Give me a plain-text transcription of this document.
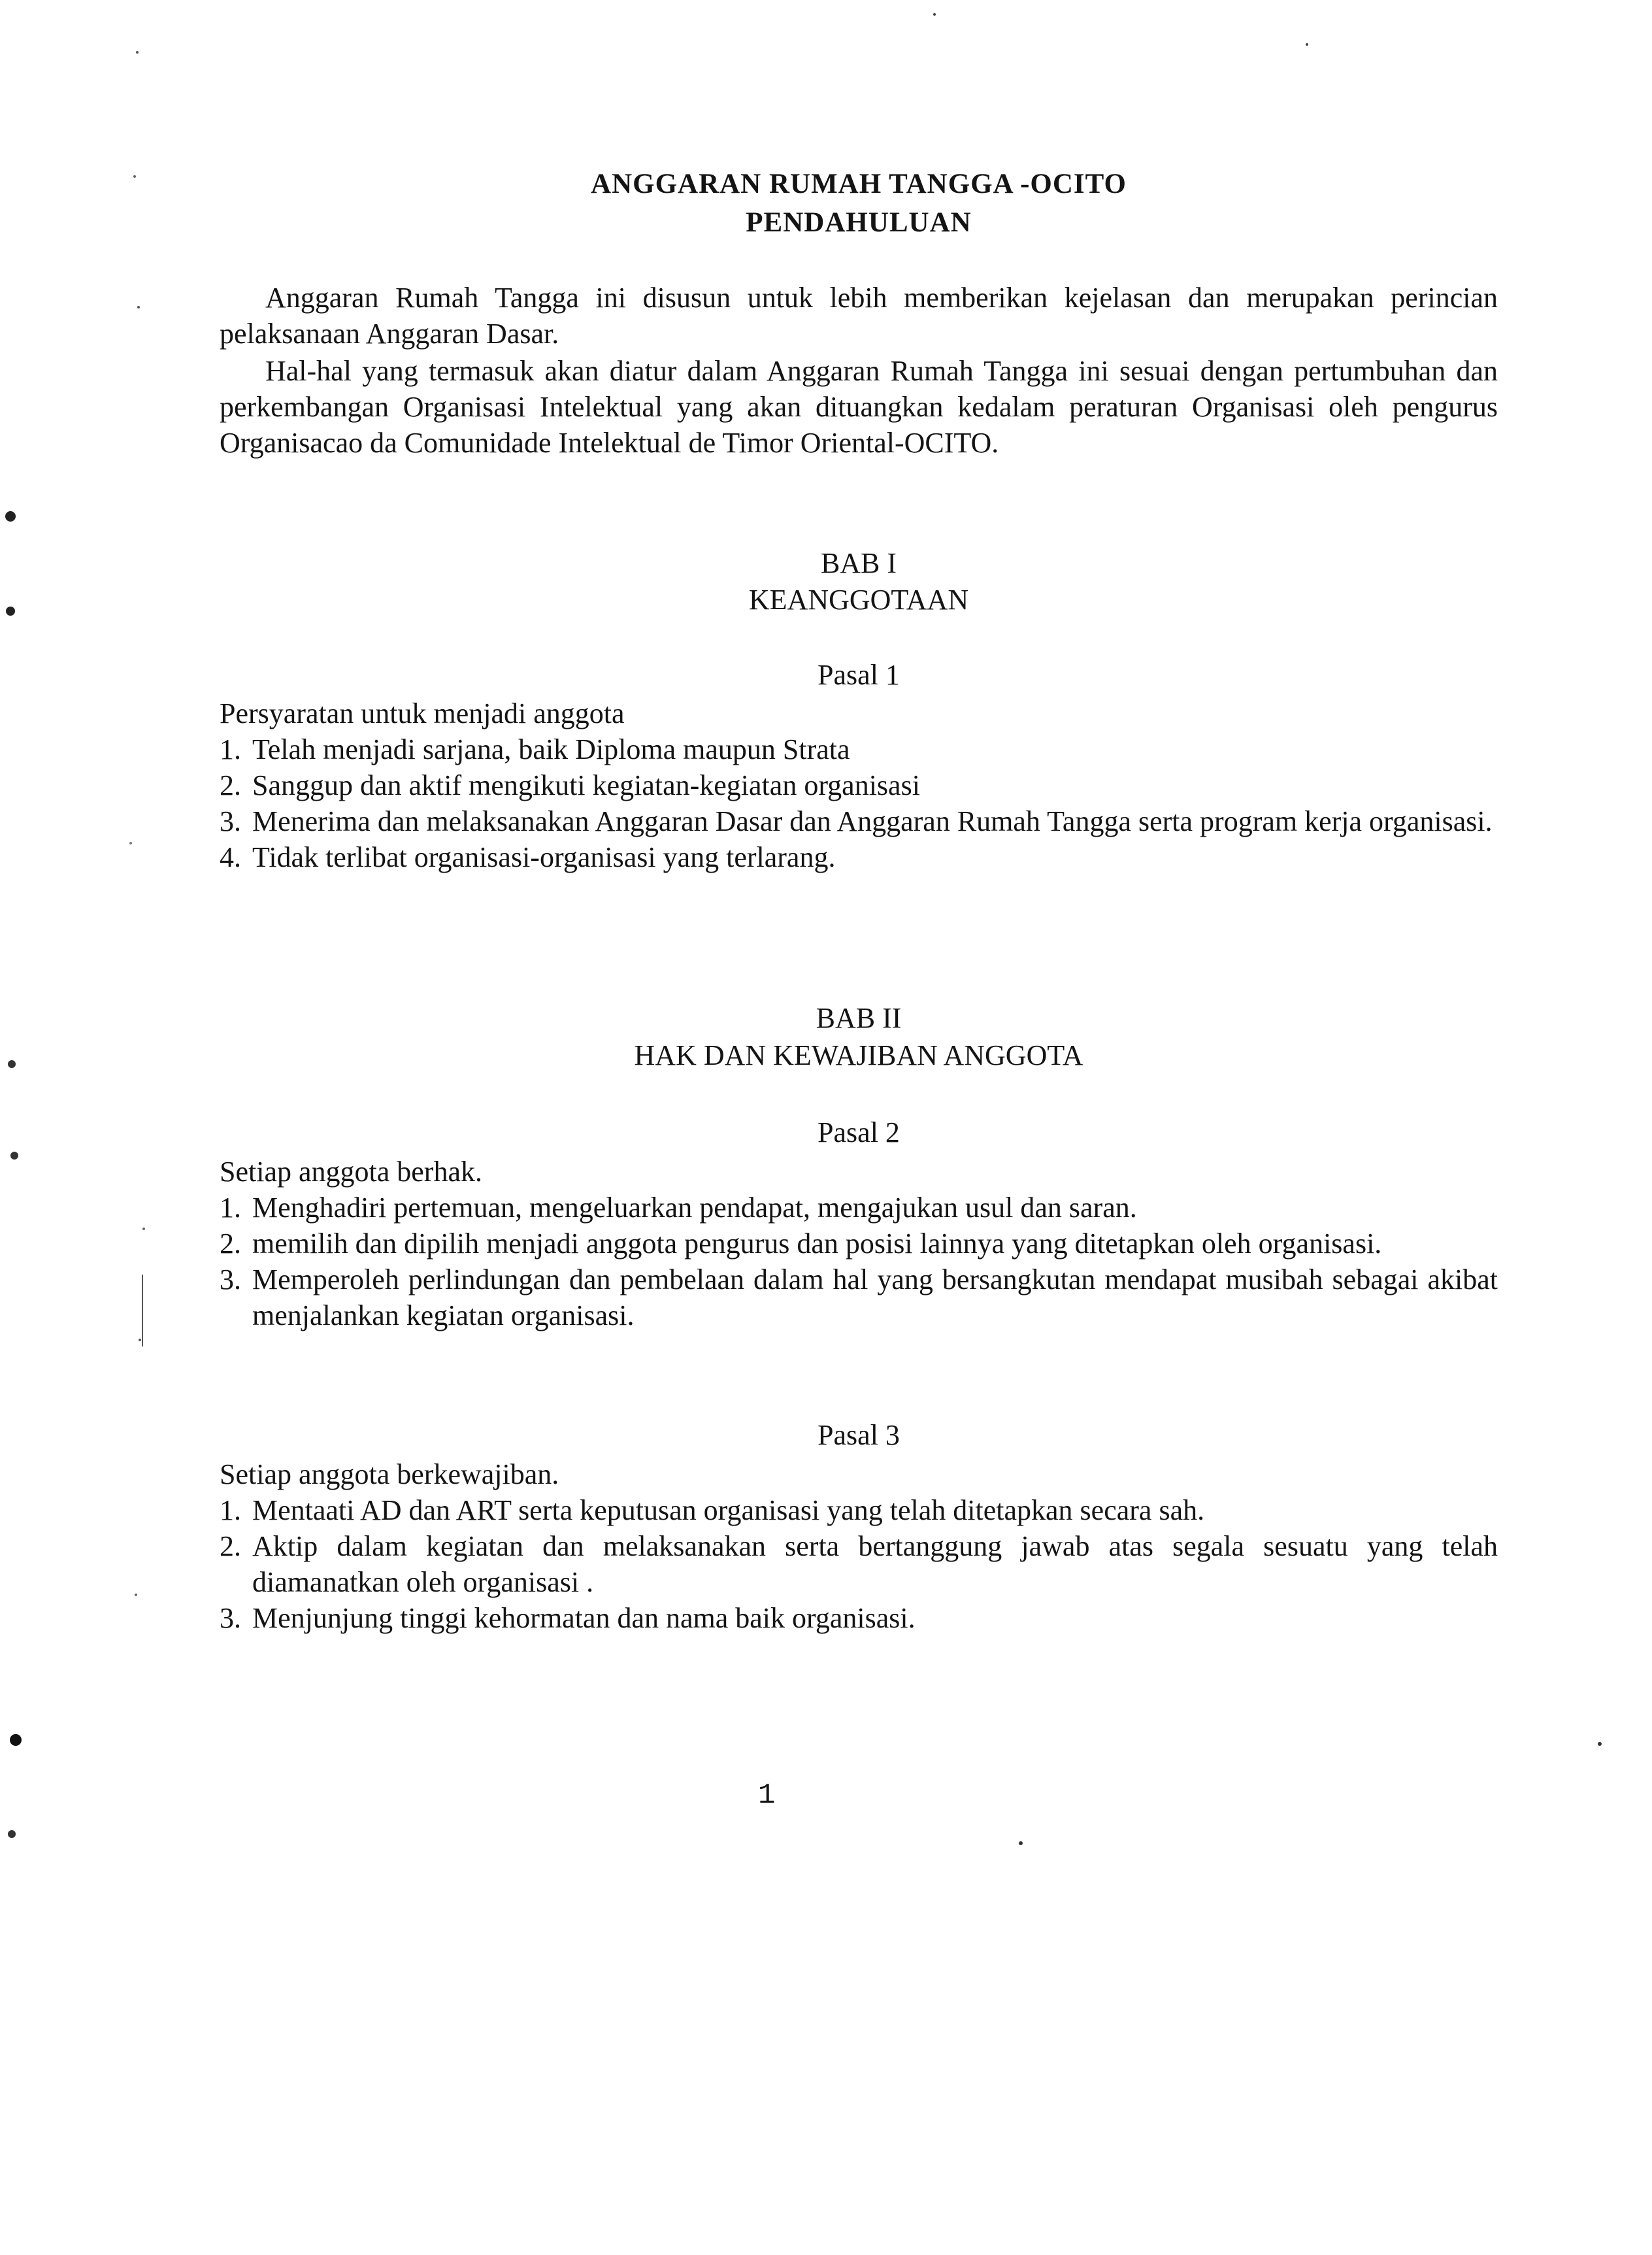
ANGGARAN RUMAH TANGGA -OCITO
PENDAHULUAN

Anggaran Rumah Tangga ini disusun untuk lebih memberikan kejelasan dan merupakan perincian pelaksanaan Anggaran Dasar.

Hal-hal yang termasuk akan diatur dalam Anggaran Rumah Tangga ini sesuai dengan pertumbuhan dan perkembangan Organisasi Intelektual yang akan dituangkan kedalam peraturan Organisasi oleh pengurus Organisacao da Comunidade Intelektual de Timor Oriental-OCITO.

BAB I
KEANGGOTAAN
Pasal 1

Persyaratan untuk menjadi anggota

1. Telah menjadi sarjana, baik Diploma maupun Strata
2. Sanggup dan aktif mengikuti kegiatan-kegiatan organisasi
3. Menerima dan melaksanakan Anggaran Dasar dan Anggaran Rumah Tangga serta program kerja organisasi.
4. Tidak terlibat organisasi-organisasi yang terlarang.
BAB II
HAK DAN KEWAJIBAN ANGGOTA
Pasal 2

Setiap anggota berhak.

1. Menghadiri pertemuan, mengeluarkan pendapat, mengajukan usul dan saran.
2. memilih dan dipilih menjadi anggota pengurus dan posisi lainnya yang ditetapkan oleh organisasi.
3. Memperoleh perlindungan dan pembelaan dalam hal yang bersangkutan mendapat musibah sebagai akibat menjalankan kegiatan organisasi.
Pasal 3

Setiap anggota berkewajiban.

1. Mentaati AD dan ART serta keputusan organisasi yang telah ditetapkan secara sah.
2. Aktip dalam kegiatan dan melaksanakan serta bertanggung jawab atas segala sesuatu yang telah diamanatkan oleh organisasi .
3. Menjunjung tinggi kehormatan dan nama baik organisasi.
1
